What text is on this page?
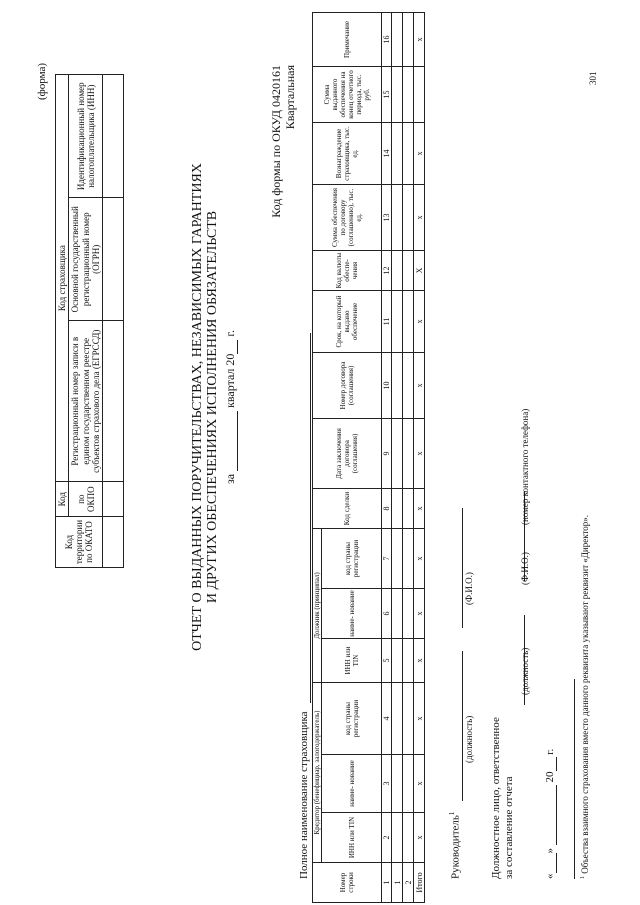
(форма)
Код территории по ОКАТО	Код	Код страховщика		
	по ОКПО	Регистрационный номер записи в едином государственном реестре субъектов страхового дела (ЕГРССД)	Основной государственный регистрационный номер (ОГРН)	Идентификационный номер налогоплательщика (ИНН)

ОТЧЕТ О ВЫДАННЫХ ПОРУЧИТЕЛЬСТВАХ, НЕЗАВИСИМЫХ ГАРАНТИЯХ И ДРУГИХ ОБЕСПЕЧЕНИЯХ ИСПОЛНЕНИЯ ОБЯЗАТЕЛЬСТВ за   квартал 20  г.
Код формы по ОКУД 0420161 Квартальная
Полное наименование страховщика
Номер строки	Кредитор (бенефициар, залогодержатель)			Должник (принципал)			Код сделки	Дата заключения договора (соглашения)	Номер договора (соглашения)	Срок, на который выдано обеспечение	Код валюты обеспе- чения	Сумма обеспечения по договору (соглашению), тыс. ед.	Вознаграждение страховщика, тыс. ед.	Сумма выданного обеспечения на конец отчетного периода, тыс. руб.	Примечание
	ИНН или TIN	наиме- нование	код страны регистрации	ИНН или TIN	наиме- нование	код страны регистрации									
1	2	3	4	5	6	7	8	9	10	11	12	13	14	15	16
1															
2															
Итого	x	x	x	x	x	x	x	x	x	x	X	x	x		x
Руководитель$^1$
(должность)
(Ф.И.О.)
Должностное лицо, ответственное за составление отчета

(должность)
(Ф.И.О.)
(номер контактного телефона)
« »   20  г.
$^1$ Объества взаимного страхования вместо данного реквизита указывают реквизит «Директор».
301
